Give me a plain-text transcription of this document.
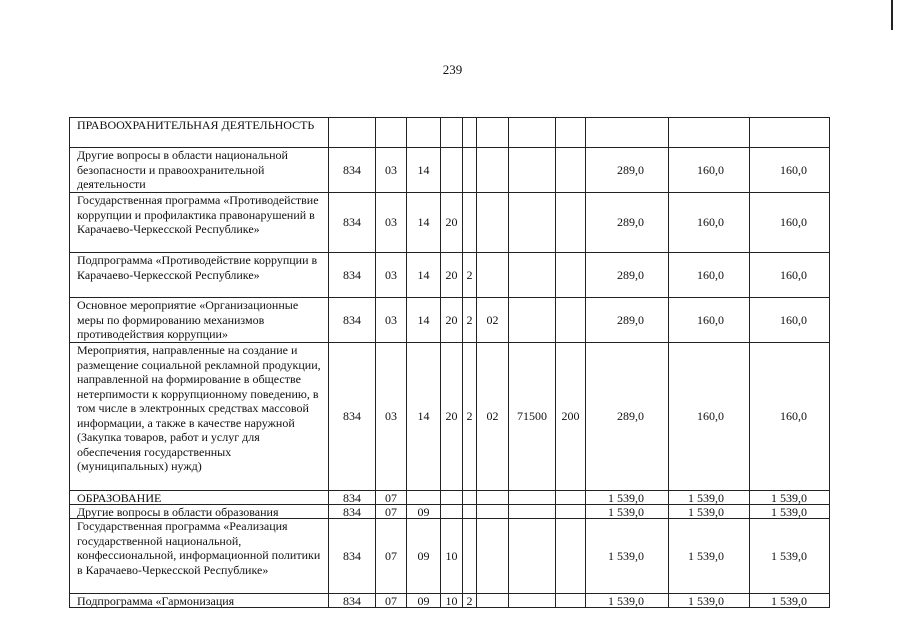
239
ПРАВООХРАНИТЕЛЬНАЯ ДЕЯТЕЛЬНОСТЬ											
Другие вопросы в области национальной безопасности и правоохранительной деятельности	834	03	14						289,0	160,0	160,0
Государственная программа «Противодействие коррупции и профилактика правонарушений в Карачаево-Черкесской Республике»	834	03	14	20					289,0	160,0	160,0
Подпрограмма «Противодействие коррупции в Карачаево-Черкесской Республике»	834	03	14	20	2				289,0	160,0	160,0
Основное мероприятие «Организационные меры по формированию механизмов противодействия коррупции»	834	03	14	20	2	02			289,0	160,0	160,0
Мероприятия, направленные на создание и размещение социальной рекламной продукции, направленной на формирование в обществе нетерпимости к коррупционному поведению, в том числе в электронных средствах массовой информации, а также в качестве наружной (Закупка товаров, работ и услуг для обеспечения государственных (муниципальных) нужд)	834	03	14	20	2	02	71500	200	289,0	160,0	160,0
ОБРАЗОВАНИЕ	834	07							1 539,0	1 539,0	1 539,0
Другие вопросы в области образования	834	07	09						1 539,0	1 539,0	1 539,0
Государственная программа «Реализация государственной национальной, конфессиональной, информационной политики в Карачаево-Черкесской Республике»	834	07	09	10					1 539,0	1 539,0	1 539,0
Подпрограмма «Гармонизация	834	07	09	10	2				1 539,0	1 539,0	1 539,0
